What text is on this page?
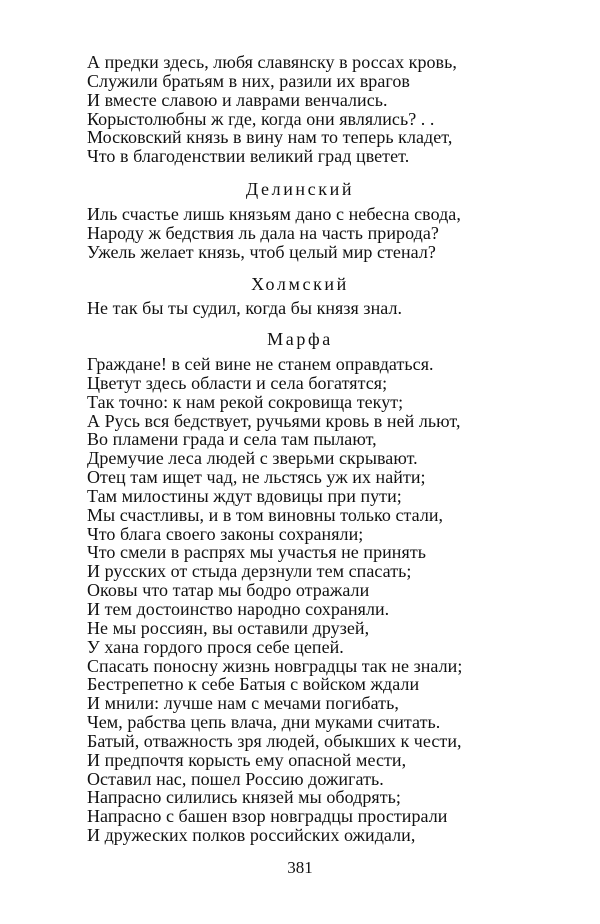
А предки здесь, любя славянску в россах кровь,
Служили братьям в них, разили их врагов
И вместе славою и лаврами венчались.
Корыстолюбны ж где, когда они являлись? . .
Московский князь в вину нам то теперь кладет,
Что в благоденствии великий град цветет.
Делинский
Иль счастье лишь князьям дано с небесна свода,
Народу ж бедствия ль дала на часть природа?
Ужель желает князь, чтоб целый мир стенал?
Холмский
Не так бы ты судил, когда бы князя знал.
Марфа
Граждане! в сей вине не станем оправдаться.
Цветут здесь области и села богатятся;
Так точно: к нам рекой сокровища текут;
А Русь вся бедствует, ручьями кровь в ней льют,
Во пламени града и села там пылают,
Дремучие леса людей с зверьми скрывают.
Отец там ищет чад, не льстясь уж их найти;
Там милостины ждут вдовицы при пути;
Мы счастливы, и в том виновны только стали,
Что блага своего законы сохраняли;
Что смели в распрях мы участья не принять
И русских от стыда дерзнули тем спасать;
Оковы что татар мы бодро отражали
И тем достоинство народно сохраняли.
Не мы россиян, вы оставили друзей,
У хана гордого прося себе цепей.
Спасать поносну жизнь новградцы так не знали;
Бестрепетно к себе Батыя с войском ждали
И мнили: лучше нам с мечами погибать,
Чем, рабства цепь влача, дни муками считать.
Батый, отважность зря людей, обыкших к чести,
И предпочтя корысть ему опасной мести,
Оставил нас, пошел Россию дожигать.
Напрасно силились князей мы ободрять;
Напрасно с башен взор новградцы простирали
И дружеских полков российских ожидали,
381
